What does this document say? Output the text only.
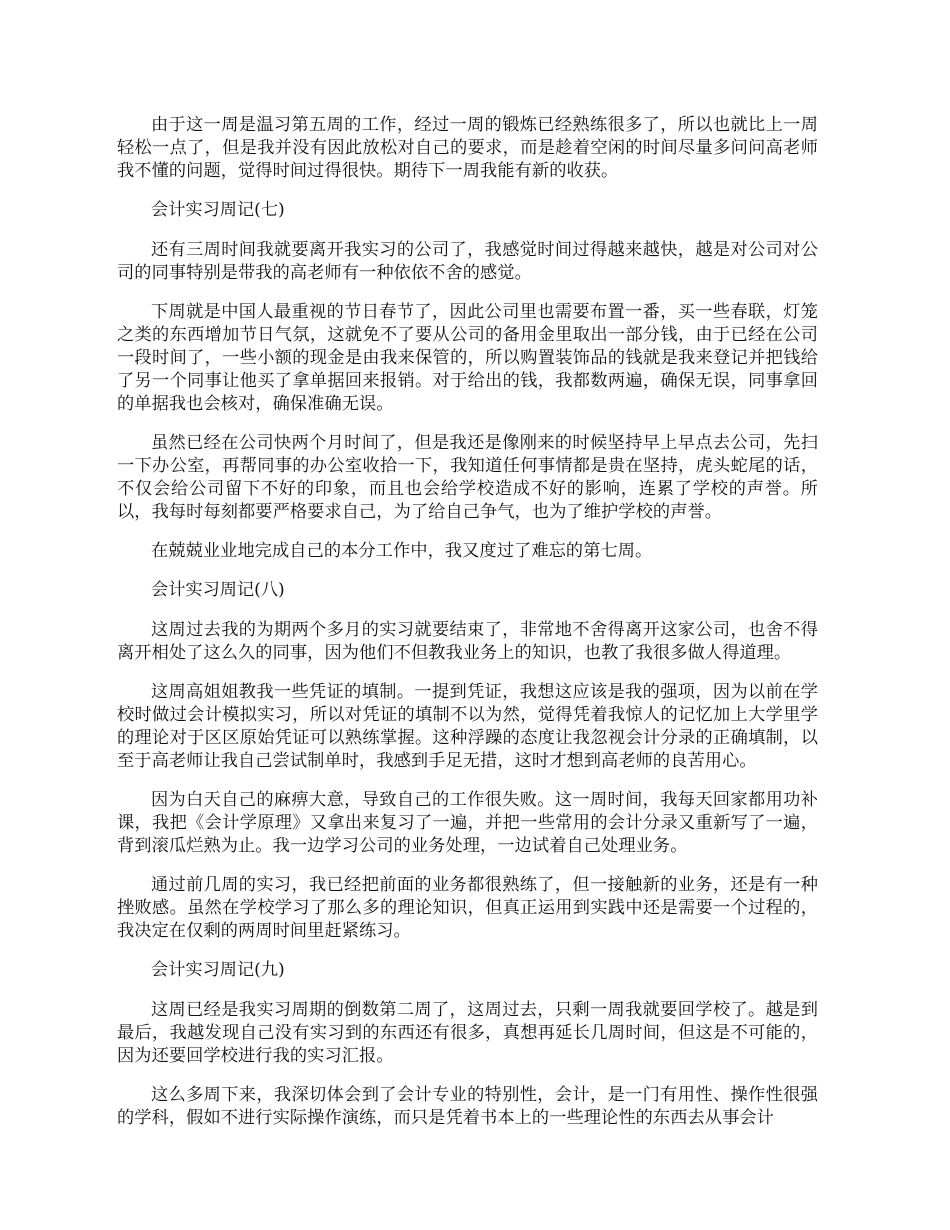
由于这一周是温习第五周的工作，经过一周的锻炼已经熟练很多了，所以也就比上一周轻松一点了，但是我并没有因此放松对自己的要求，而是趁着空闲的时间尽量多问问高老师我不懂的问题，觉得时间过得很快。期待下一周我能有新的收获。

会计实习周记(七)

还有三周时间我就要离开我实习的公司了，我感觉时间过得越来越快，越是对公司对公司的同事特别是带我的高老师有一种依依不舍的感觉。

下周就是中国人最重视的节日春节了，因此公司里也需要布置一番，买一些春联，灯笼之类的东西增加节日气氛，这就免不了要从公司的备用金里取出一部分钱，由于已经在公司一段时间了，一些小额的现金是由我来保管的，所以购置装饰品的钱就是我来登记并把钱给了另一个同事让他买了拿单据回来报销。对于给出的钱，我都数两遍，确保无误，同事拿回的单据我也会核对，确保准确无误。

虽然已经在公司快两个月时间了，但是我还是像刚来的时候坚持早上早点去公司，先扫一下办公室，再帮同事的办公室收拾一下，我知道任何事情都是贵在坚持，虎头蛇尾的话，不仅会给公司留下不好的印象，而且也会给学校造成不好的影响，连累了学校的声誉。所以，我每时每刻都要严格要求自己，为了给自己争气，也为了维护学校的声誉。

在兢兢业业地完成自己的本分工作中，我又度过了难忘的第七周。

会计实习周记(八)

这周过去我的为期两个多月的实习就要结束了，非常地不舍得离开这家公司，也舍不得离开相处了这么久的同事，因为他们不但教我业务上的知识，也教了我很多做人得道理。

这周高姐姐教我一些凭证的填制。一提到凭证，我想这应该是我的强项，因为以前在学校时做过会计模拟实习，所以对凭证的填制不以为然，觉得凭着我惊人的记忆加上大学里学的理论对于区区原始凭证可以熟练掌握。这种浮躁的态度让我忽视会计分录的正确填制，以至于高老师让我自己尝试制单时，我感到手足无措，这时才想到高老师的良苦用心。

因为白天自己的麻痹大意，导致自己的工作很失败。这一周时间，我每天回家都用功补课，我把《会计学原理》又拿出来复习了一遍，并把一些常用的会计分录又重新写了一遍，背到滚瓜烂熟为止。我一边学习公司的业务处理，一边试着自己处理业务。

通过前几周的实习，我已经把前面的业务都很熟练了，但一接触新的业务，还是有一种挫败感。虽然在学校学习了那么多的理论知识，但真正运用到实践中还是需要一个过程的，我决定在仅剩的两周时间里赶紧练习。

会计实习周记(九)

这周已经是我实习周期的倒数第二周了，这周过去，只剩一周我就要回学校了。越是到最后，我越发现自己没有实习到的东西还有很多，真想再延长几周时间，但这是不可能的，因为还要回学校进行我的实习汇报。

这么多周下来，我深切体会到了会计专业的特别性，会计，是一门有用性、操作性很强的学科，假如不进行实际操作演练，而只是凭着书本上的一些理论性的东西去从事会计
